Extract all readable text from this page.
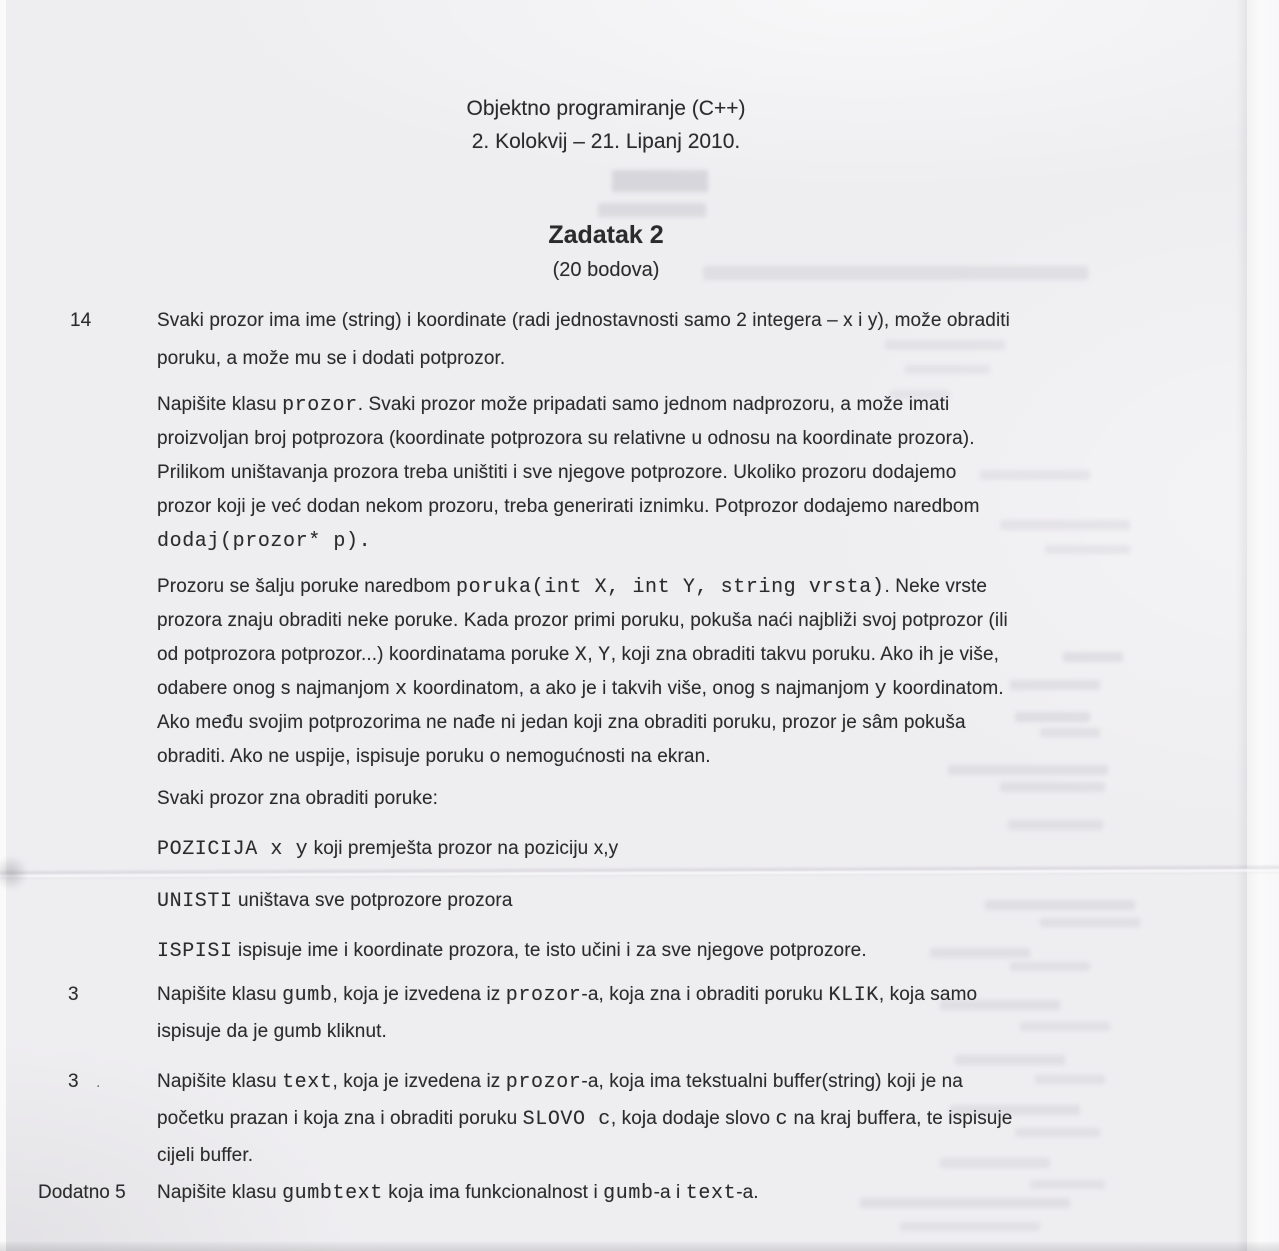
Objektno programiranje (C++)
2. Kolokvij – 21. Lipanj 2010.
Zadatak 2
(20 bodova)
14	Svaki prozor ima ime (string) i koordinate (radi jednostavnosti samo 2 integera – x i y), može obraditi
poruku, a može mu se i dodati potprozor.
Napišite klasu prozor. Svaki prozor može pripadati samo jednom nadprozoru, a može imati
proizvoljan broj potprozora (koordinate potprozora su relativne u odnosu na koordinate prozora).
Prilikom uništavanja prozora treba uništiti i sve njegove potprozore. Ukoliko prozoru dodajemo
prozor koji je već dodan nekom prozoru, treba generirati iznimku. Potprozor dodajemo naredbom
dodaj(prozor* p).
Prozoru se šalju poruke naredbom poruka(int X, int Y, string vrsta). Neke vrste
prozora znaju obraditi neke poruke. Kada prozor primi poruku, pokuša naći najbliži svoj potprozor (ili
od potprozora potprozor...) koordinatama poruke X, Y, koji zna obraditi takvu poruku. Ako ih je više,
odabere onog s najmanjom x koordinatom, a ako je i takvih više, onog s najmanjom y koordinatom.
Ako među svojim potprozorima ne nađe ni jedan koji zna obraditi poruku, prozor je sâm pokuša
obraditi. Ako ne uspije, ispisuje poruku o nemogućnosti na ekran.
Svaki prozor zna obraditi poruke:
POZICIJA x y koji premješta prozor na poziciju x,y
UNISTI uništava sve potprozore prozora
ISPISI ispisuje ime i koordinate prozora, te isto učini i za sve njegove potprozore.
3	Napišite klasu gumb, koja je izvedena iz prozor-a, koja zna i obraditi poruku KLIK, koja samo
ispisuje da je gumb kliknut.
3 .	Napišite klasu text, koja je izvedena iz prozor-a, koja ima tekstualni buffer(string) koji je na
početku prazan i koja zna i obraditi poruku SLOVO c, koja dodaje slovo c na kraj buffera, te ispisuje
cijeli buffer.
Dodatno 5 Napišite klasu gumbtext koja ima funkcionalnost i gumb-a i text-a.
